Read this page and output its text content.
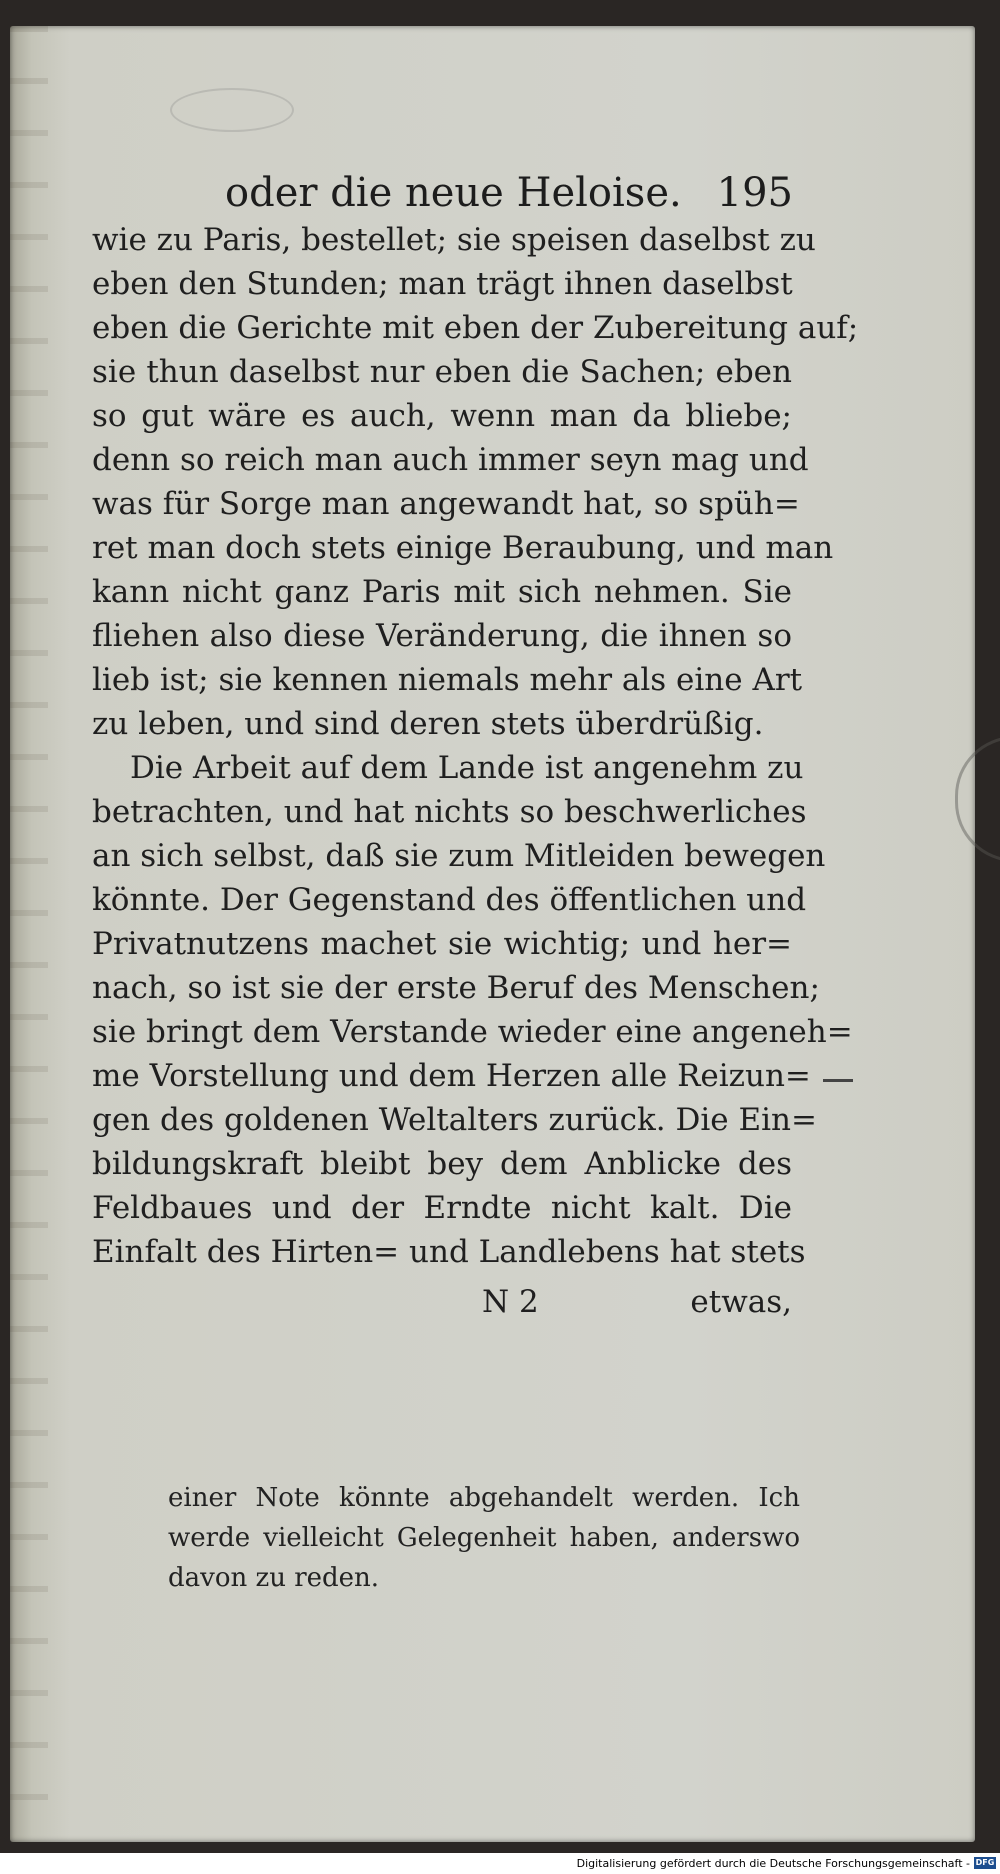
oder die neue Heloise. 195
wie zu Paris, bestellet; sie speisen daselbst zu
eben den Stunden; man trägt ihnen daselbst
eben die Gerichte mit eben der Zubereitung auf;
sie thun daselbst nur eben die Sachen; eben
so gut wäre es auch, wenn man da bliebe;
denn so reich man auch immer seyn mag und
was für Sorge man angewandt hat, so spüh=
ret man doch stets einige Beraubung, und man
kann nicht ganz Paris mit sich nehmen. Sie
fliehen also diese Veränderung, die ihnen so
lieb ist; sie kennen niemals mehr als eine Art
zu leben, und sind deren stets überdrüßig.
Die Arbeit auf dem Lande ist angenehm zu
betrachten, und hat nichts so beschwerliches
an sich selbst, daß sie zum Mitleiden bewegen
könnte. Der Gegenstand des öffentlichen und
Privatnutzens machet sie wichtig; und her=
nach, so ist sie der erste Beruf des Menschen;
sie bringt dem Verstande wieder eine angeneh=
me Vorstellung und dem Herzen alle Reizun=
gen des goldenen Weltalters zurück. Die Ein=
bildungskraft bleibt bey dem Anblicke des
Feldbaues und der Erndte nicht kalt. Die
Einfalt des Hirten= und Landlebens hat stets
N 2	etwas,
einer Note könnte abgehandelt werden. Ich
werde vielleicht Gelegenheit haben, anderswo
davon zu reden.
Digitalisierung gefördert durch die Deutsche Forschungsgemeinschaft - DFG
